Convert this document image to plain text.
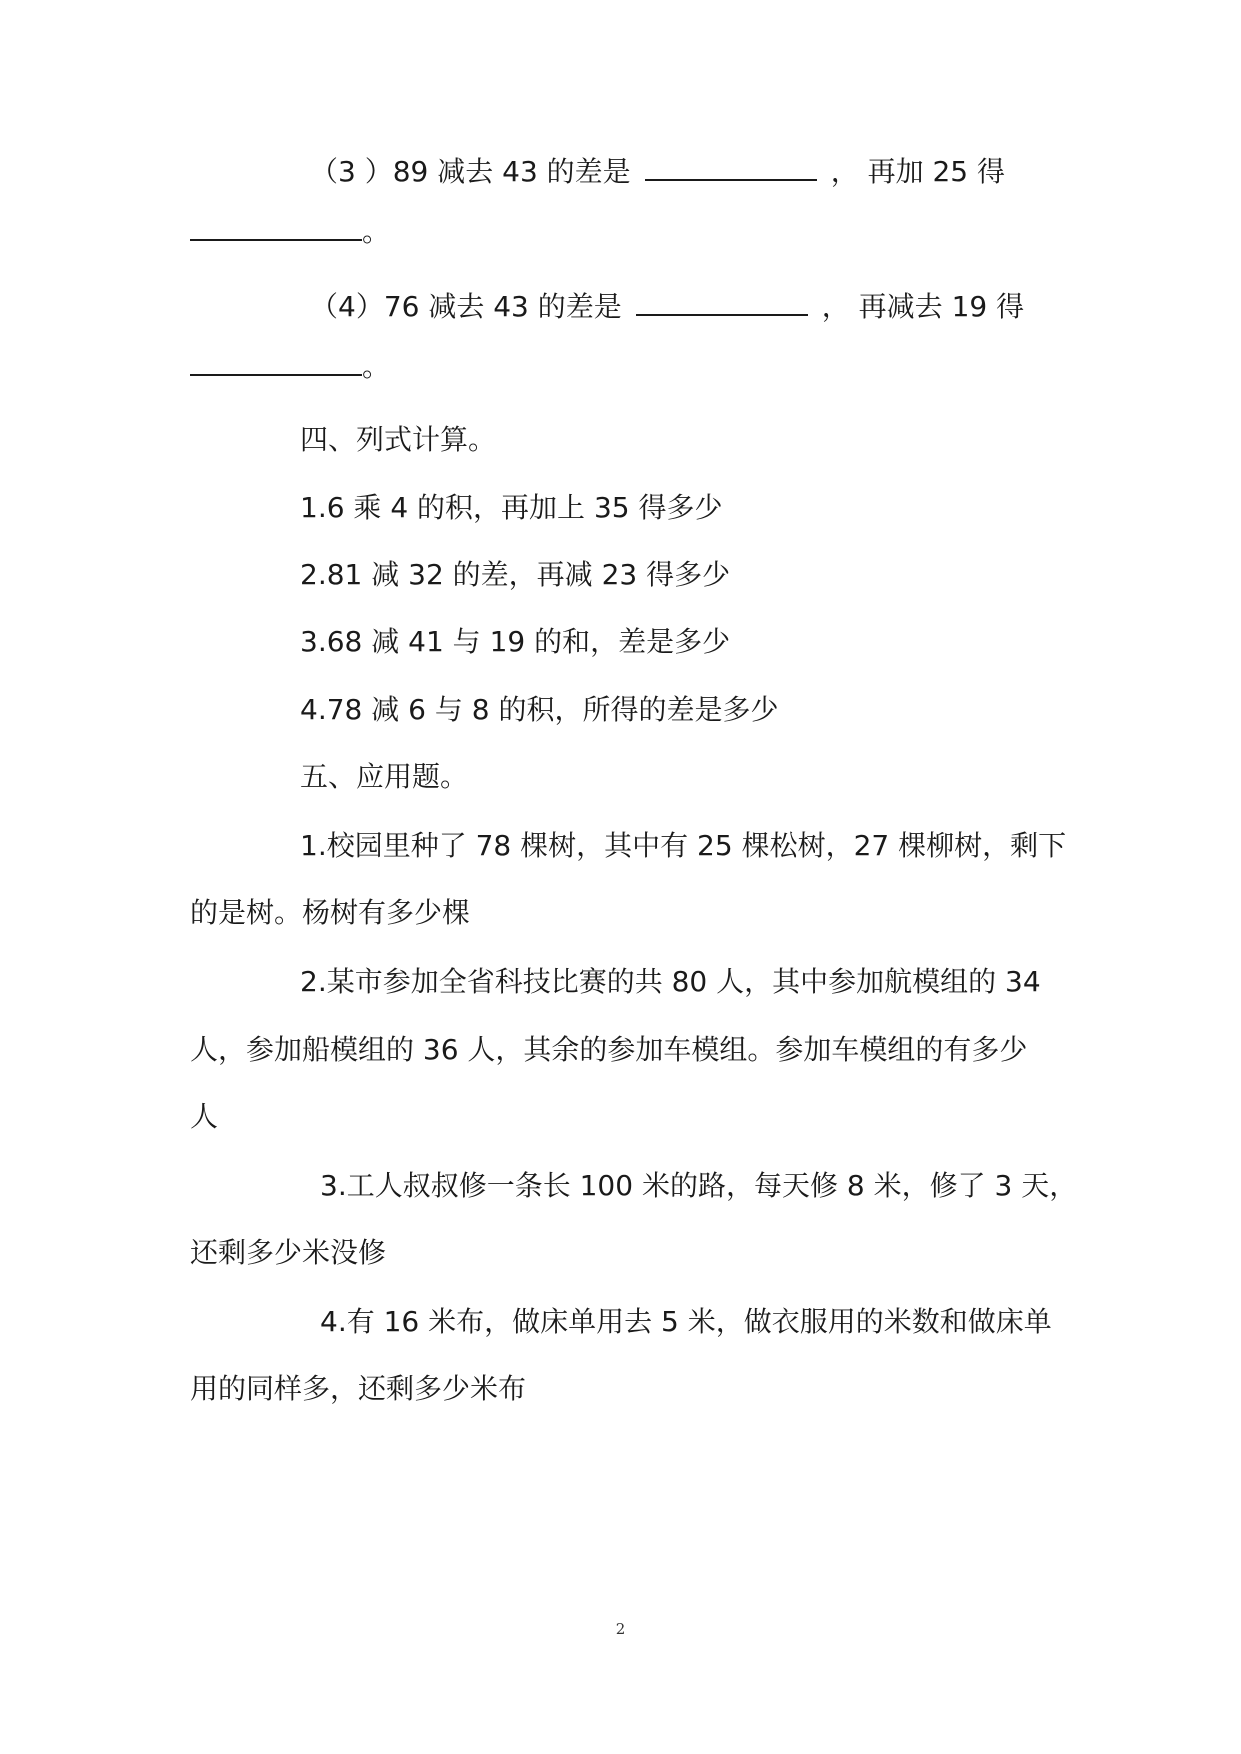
（3 ）89 减去 43 的差是	， 再加 25 得
。
（4）76 减去 43 的差是	， 再减去 19 得
。
四、列式计算。
1.6 乘 4 的积，再加上 35 得多少
2.81 减 32 的差，再减 23 得多少
3.68 减 41 与 19 的和，差是多少
4.78 减 6 与 8 的积，所得的差是多少
五、应用题。
1.校园里种了 78 棵树，其中有 25 棵松树，27 棵柳树，剩下
的是树。杨树有多少棵
2.某市参加全省科技比赛的共 80 人，其中参加航模组的 34
人，参加船模组的 36 人，其余的参加车模组。参加车模组的有多少
人
3.工人叔叔修一条长 100 米的路，每天修 8 米，修了 3 天，
还剩多少米没修
4.有 16 米布，做床单用去 5 米，做衣服用的米数和做床单
用的同样多，还剩多少米布
2
